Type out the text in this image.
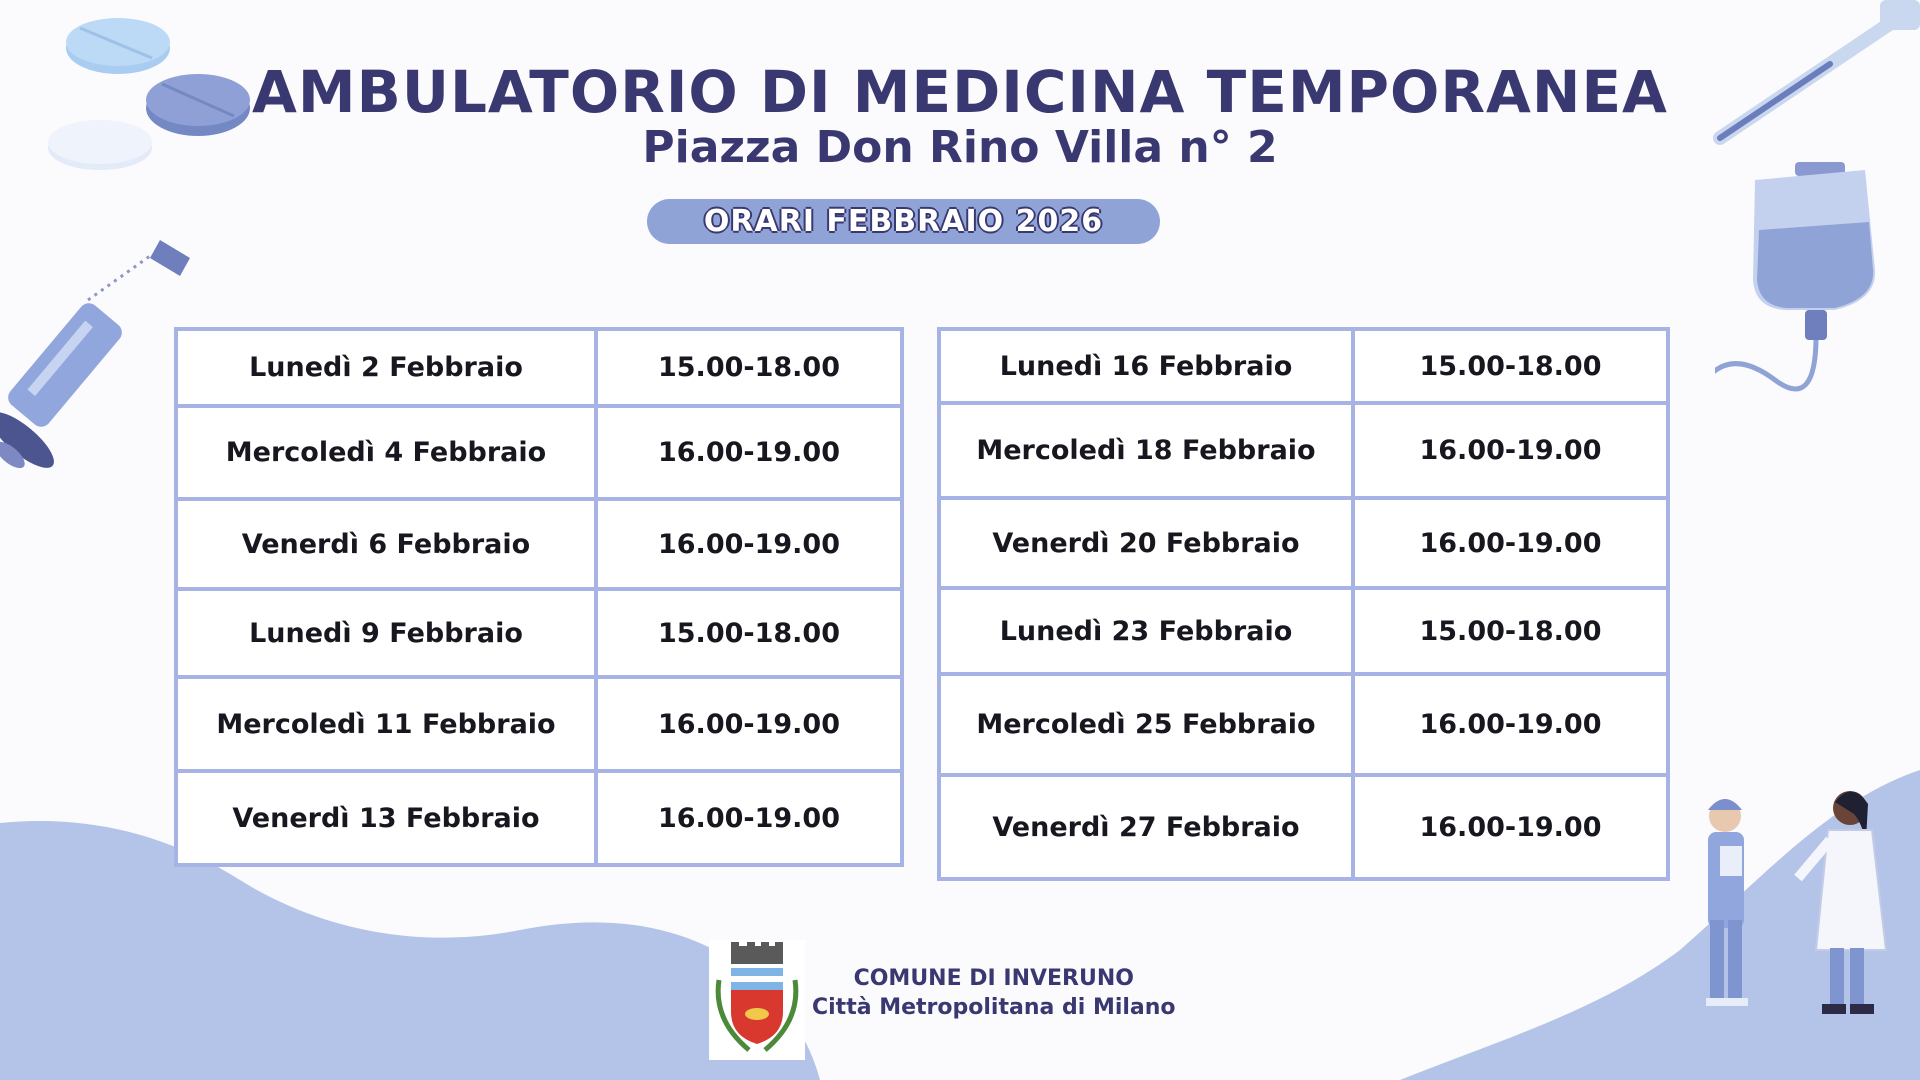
AMBULATORIO DI MEDICINA TEMPORANEA
Piazza Don Rino Villa n° 2
ORARI FEBBRAIO 2026
Lunedì 2 Febbraio	15.00-18.00
Mercoledì 4 Febbraio	16.00-19.00
Venerdì 6 Febbraio	16.00-19.00
Lunedì 9 Febbraio	15.00-18.00
Mercoledì 11 Febbraio	16.00-19.00
Venerdì 13 Febbraio	16.00-19.00
Lunedì 16 Febbraio	15.00-18.00
Mercoledì 18 Febbraio	16.00-19.00
Venerdì 20 Febbraio	16.00-19.00
Lunedì 23 Febbraio	15.00-18.00
Mercoledì 25 Febbraio	16.00-19.00
Venerdì 27 Febbraio	16.00-19.00
COMUNE DI INVERUNO
Città Metropolitana di Milano
